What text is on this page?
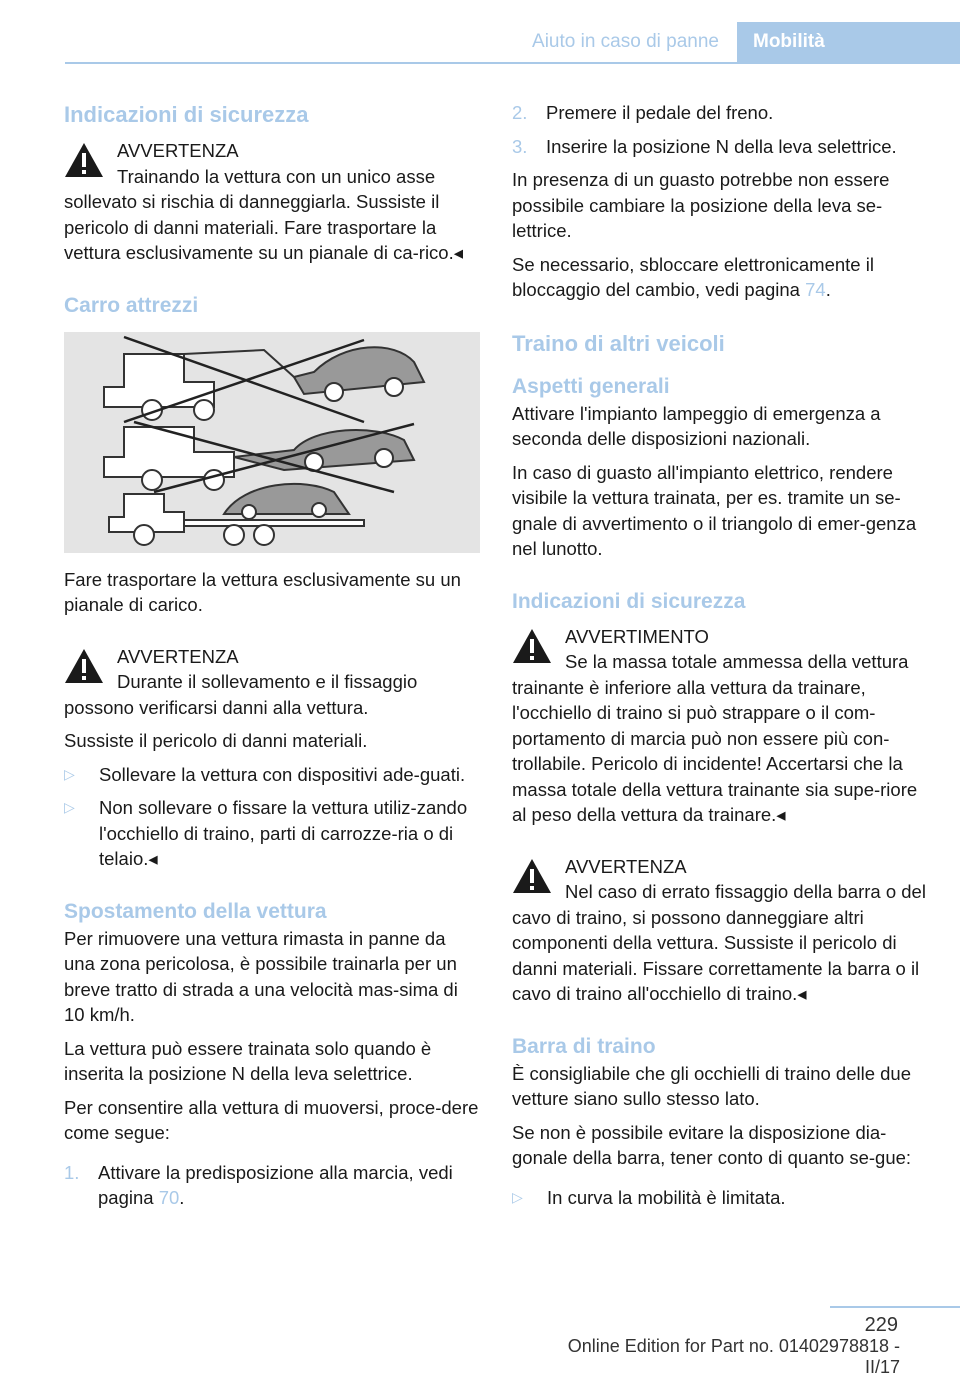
Aiuto in caso di panne	Mobilità
Indicazioni di sicurezza
AVVERTENZA
Trainando la vettura con un unico asse sollevato si rischia di danneggiarla. Sussiste il pericolo di danni materiali. Fare trasportare la vettura esclusivamente su un pianale di ca-rico.◂
Carro attrezzi

Fare trasportare la vettura esclusivamente su un pianale di carico.

AVVERTENZA
Durante il sollevamento e il fissaggio possono verificarsi danni alla vettura.

Sussiste il pericolo di danni materiali.

▷	Sollevare la vettura con dispositivi ade-guati.
▷	Non sollevare o fissare la vettura utiliz-zando l'occhiello di traino, parti di carrozze-ria o di telaio.◂
Spostamento della vettura

Per rimuovere una vettura rimasta in panne da una zona pericolosa, è possibile trainarla per un breve tratto di strada a una velocità mas-sima di 10 km/h.

La vettura può essere trainata solo quando è inserita la posizione N della leva selettrice.

Per consentire alla vettura di muoversi, proce-dere come segue:

1.	Attivare la predisposizione alla marcia, vedi pagina 70.
2.	Premere il pedale del freno.
3.	Inserire la posizione N della leva selettrice.

In presenza di un guasto potrebbe non essere possibile cambiare la posizione della leva se-lettrice.

Se necessario, sbloccare elettronicamente il bloccaggio del cambio, vedi pagina 74.

Traino di altri veicoli
Aspetti generali

Attivare l'impianto lampeggio di emergenza a seconda delle disposizioni nazionali.

In caso di guasto all'impianto elettrico, rendere visibile la vettura trainata, per es. tramite un se-gnale di avvertimento o il triangolo di emer-genza nel lunotto.

Indicazioni di sicurezza
AVVERTIMENTO
Se la massa totale ammessa della vettura trainante è inferiore alla vettura da trainare, l'occhiello di traino si può strappare o il com-portamento di marcia può non essere più con-trollabile. Pericolo di incidente! Accertarsi che la massa totale della vettura trainante sia supe-riore al peso della vettura da trainare.◂
AVVERTENZA
Nel caso di errato fissaggio della barra o del cavo di traino, si possono danneggiare altri componenti della vettura. Sussiste il pericolo di danni materiali. Fissare correttamente la barra o il cavo di traino all'occhiello di traino.◂
Barra di traino

È consigliabile che gli occhielli di traino delle due vetture siano sullo stesso lato.

Se non è possibile evitare la disposizione dia-gonale della barra, tener conto di quanto se-gue:

▷	In curva la mobilità è limitata.
229
Online Edition for Part no. 01402978818 - II/17
